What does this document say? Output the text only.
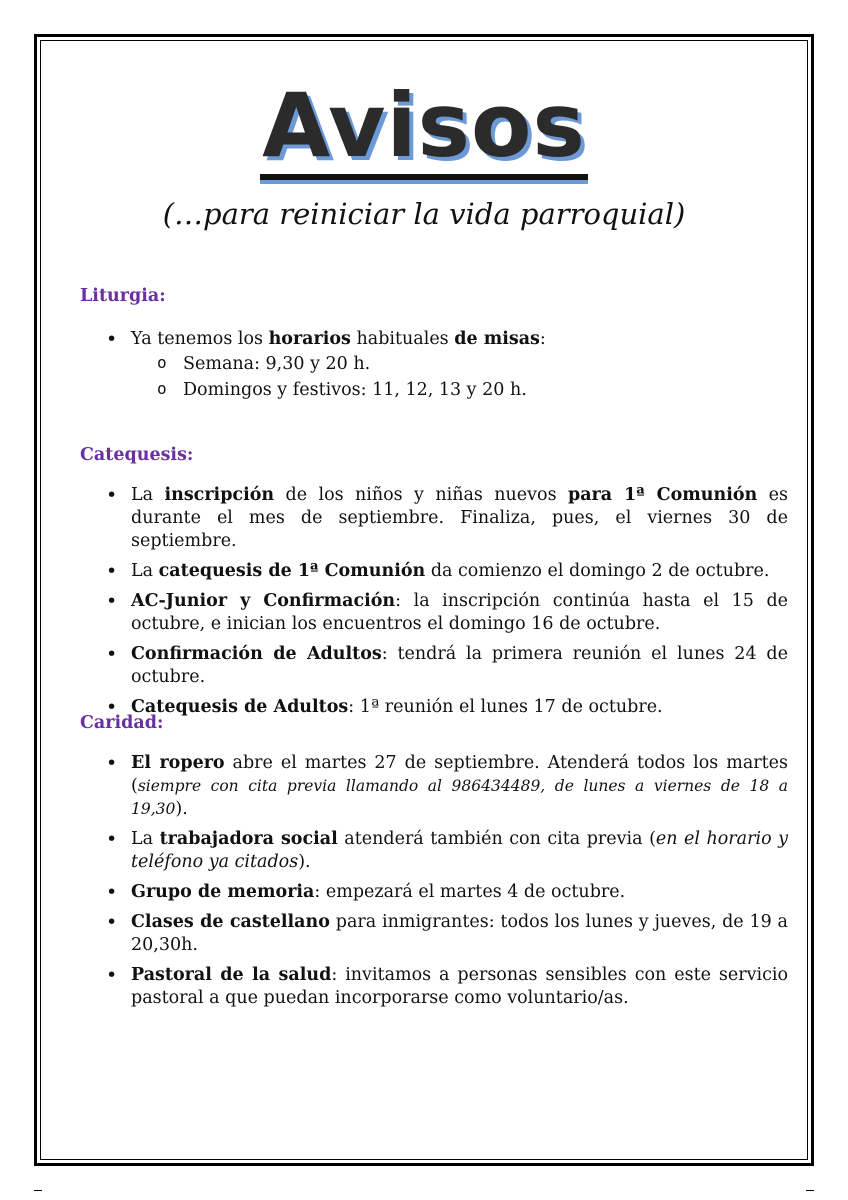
Avisos
(…para reiniciar la vida parroquial)
Liturgia:
• Ya tenemos los horarios habituales de misas:
o Semana: 9,30 y 20 h.
o Domingos y festivos: 11, 12, 13 y 20 h.
Catequesis:
• La inscripción de los niños y niñas nuevos para 1ª Comunión es durante el mes de septiembre. Finaliza, pues, el viernes 30 de septiembre.
• La catequesis de 1ª Comunión da comienzo el domingo 2 de octubre.
• AC-Junior y Confirmación: la inscripción continúa hasta el 15 de octubre, e inician los encuentros el domingo 16 de octubre.
• Confirmación de Adultos: tendrá la primera reunión el lunes 24 de octubre.
• Catequesis de Adultos: 1ª reunión el lunes 17 de octubre.
Caridad:
• El ropero abre el martes 27 de septiembre. Atenderá todos los martes (siempre con cita previa llamando al 986434489, de lunes a viernes de 18 a 19,30).
• La trabajadora social atenderá también con cita previa (en el horario y teléfono ya citados).
• Grupo de memoria: empezará el martes 4 de octubre.
• Clases de castellano para inmigrantes: todos los lunes y jueves, de 19 a 20,30h.
• Pastoral de la salud: invitamos a personas sensibles con este servicio pastoral a que puedan incorporarse como voluntario/as.
